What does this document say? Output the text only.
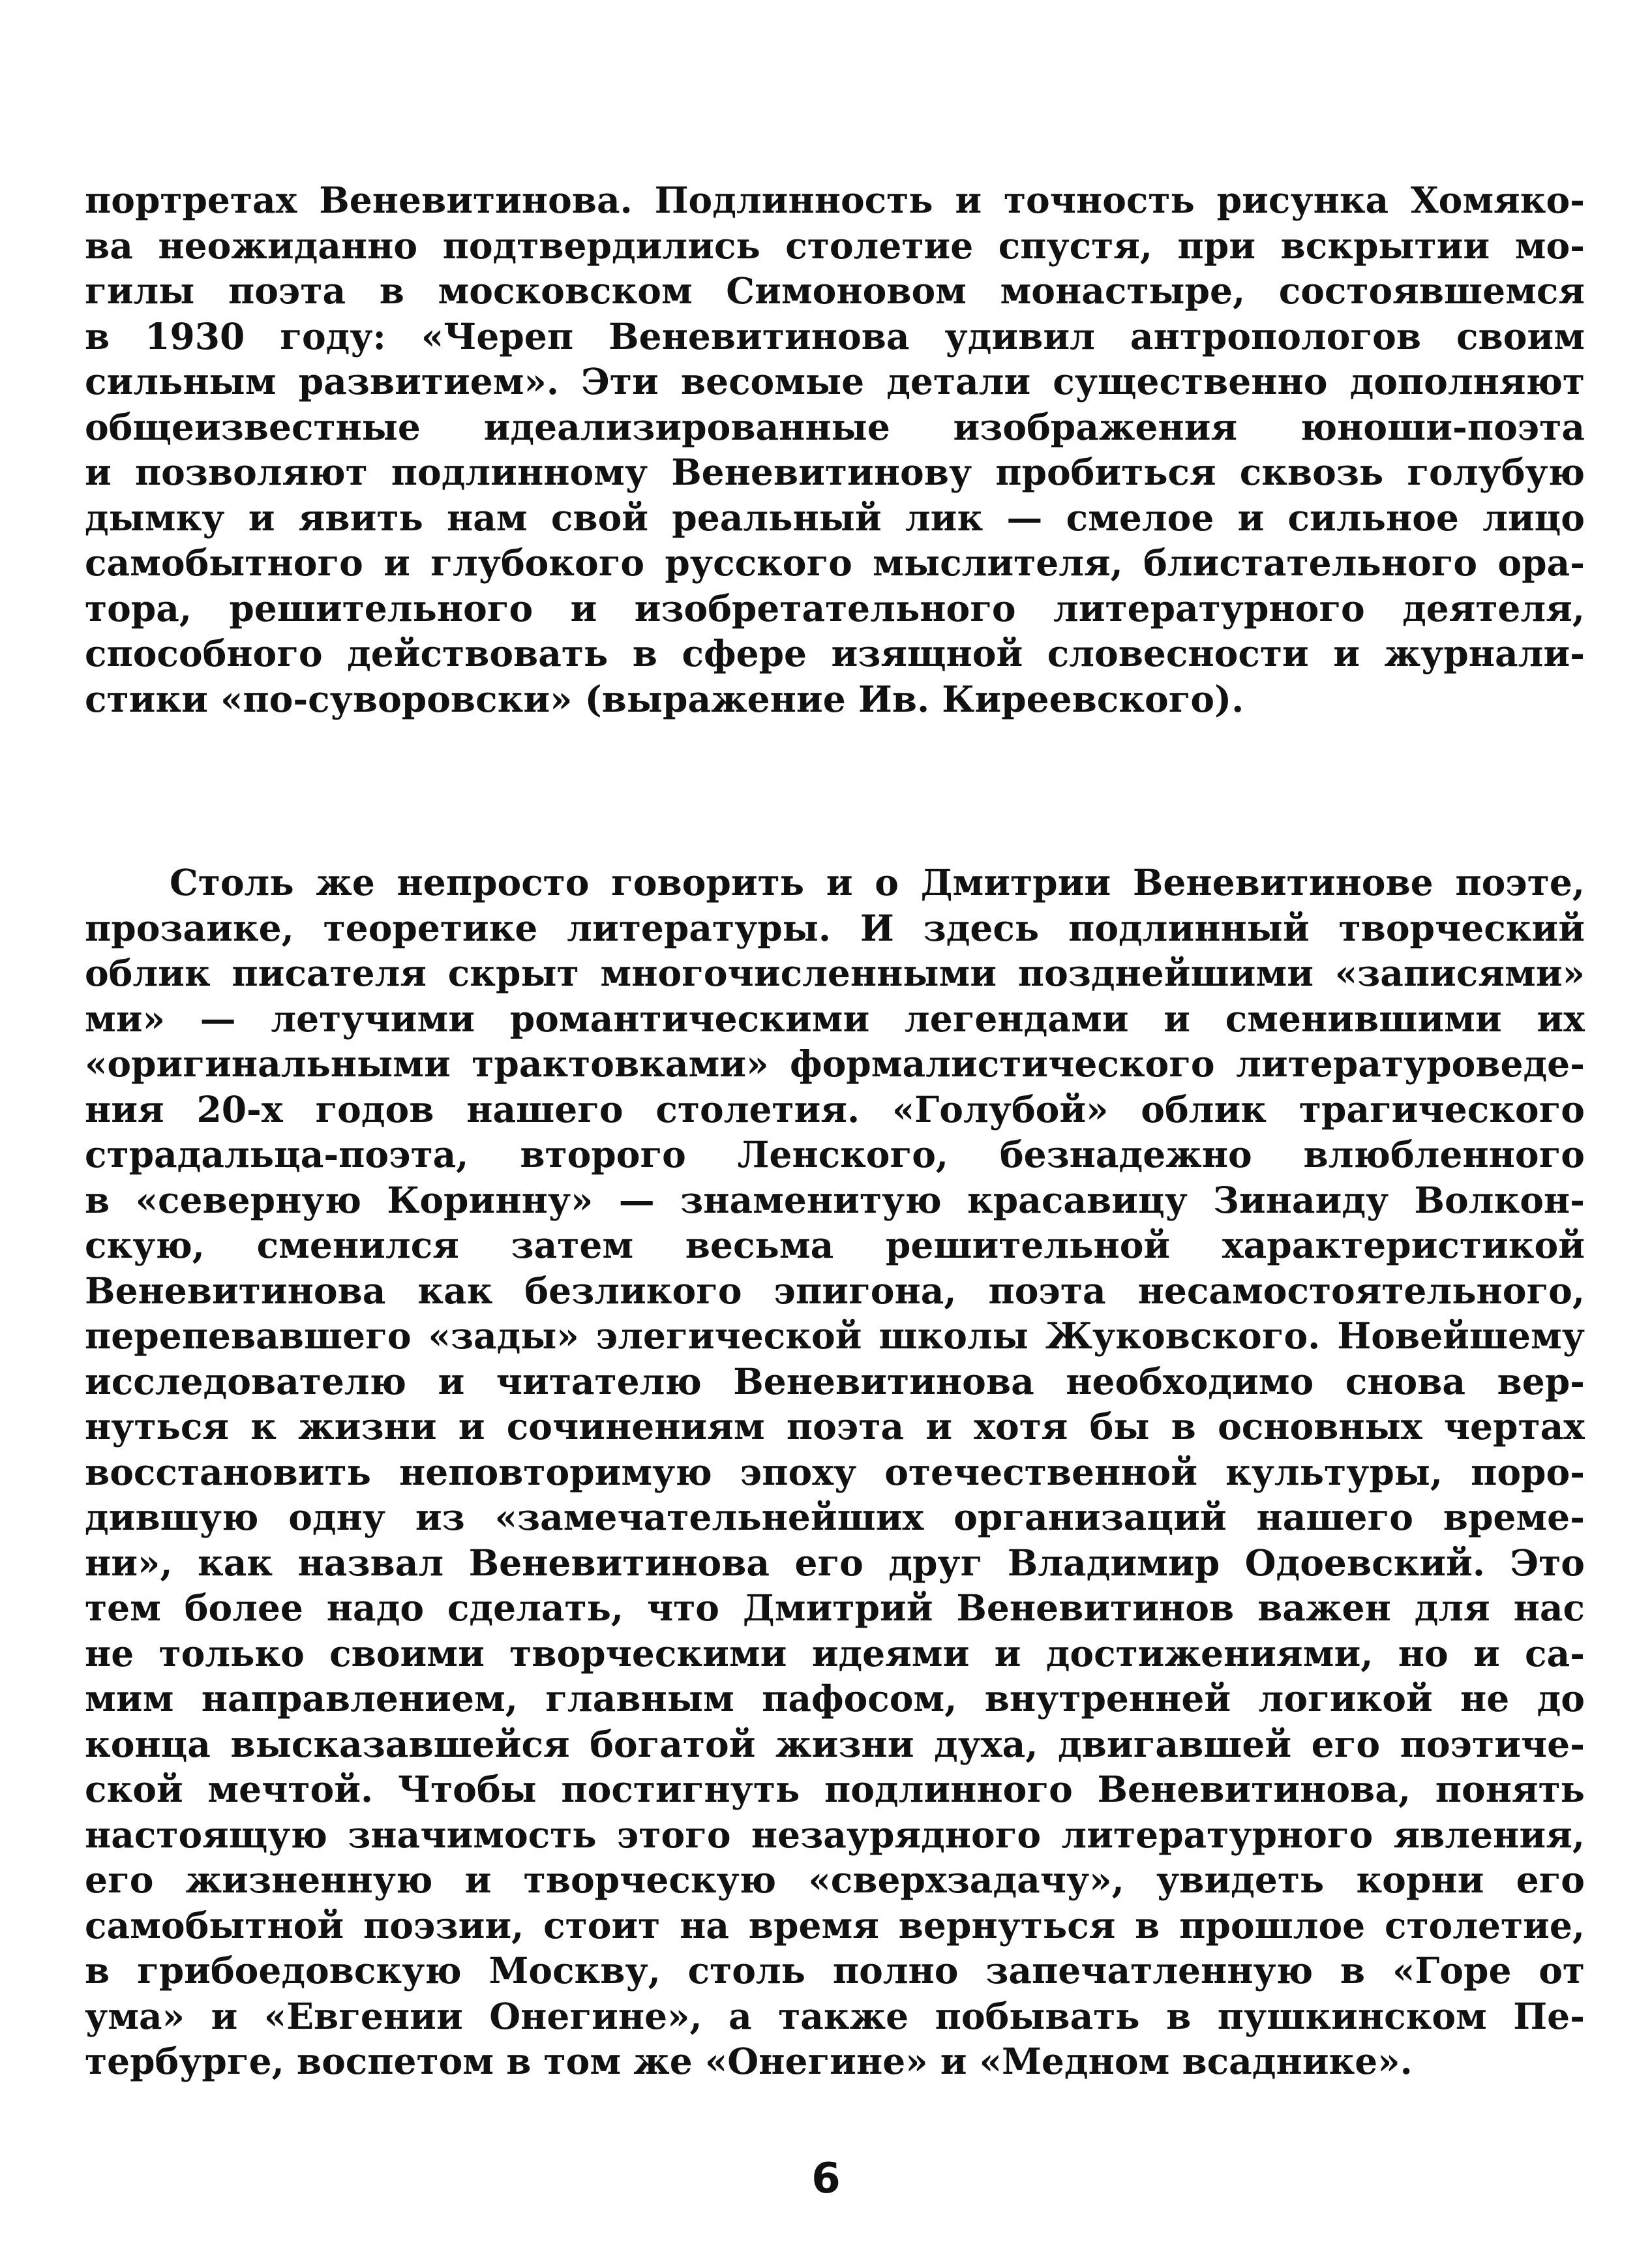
портретах Веневитинова. Подлинность и точность рисунка Хомяко-
ва неожиданно подтвердились столетие спустя, при вскрытии мо-
гилы поэта в московском Симоновом монастыре, состоявшемся
в 1930 году: «Череп Веневитинова удивил антропологов своим
сильным развитием». Эти весомые детали существенно дополняют
общеизвестные идеализированные изображения юноши-поэта
и позволяют подлинному Веневитинову пробиться сквозь голубую
дымку и явить нам свой реальный лик — смелое и сильное лицо
самобытного и глубокого русского мыслителя, блистательного ора-
тора, решительного и изобретательного литературного деятеля,
способного действовать в сфере изящной словесности и журнали-
стики «по-суворовски» (выражение Ив. Киреевского).
Столь же непросто говорить и о Дмитрии Веневитинове поэте,
прозаике, теоретике литературы. И здесь подлинный творческий
облик писателя скрыт многочисленными позднейшими «записями»
ми» — летучими романтическими легендами и сменившими их
«оригинальными трактовками» формалистического литературоведе-
ния 20-х годов нашего столетия. «Голубой» облик трагического
страдальца-поэта, второго Ленского, безнадежно влюбленного
в «северную Коринну» — знаменитую красавицу Зинаиду Волкон-
скую, сменился затем весьма решительной характеристикой
Веневитинова как безликого эпигона, поэта несамостоятельного,
перепевавшего «зады» элегической школы Жуковского. Новейшему
исследователю и читателю Веневитинова необходимо снова вер-
нуться к жизни и сочинениям поэта и хотя бы в основных чертах
восстановить неповторимую эпоху отечественной культуры, поро-
дившую одну из «замечательнейших организаций нашего време-
ни», как назвал Веневитинова его друг Владимир Одоевский. Это
тем более надо сделать, что Дмитрий Веневитинов важен для нас
не только своими творческими идеями и достижениями, но и са-
мим направлением, главным пафосом, внутренней логикой не до
конца высказавшейся богатой жизни духа, двигавшей его поэтиче-
ской мечтой. Чтобы постигнуть подлинного Веневитинова, понять
настоящую значимость этого незаурядного литературного явления,
его жизненную и творческую «сверхзадачу», увидеть корни его
самобытной поэзии, стоит на время вернуться в прошлое столетие,
в грибоедовскую Москву, столь полно запечатленную в «Горе от
ума» и «Евгении Онегине», а также побывать в пушкинском Пе-
тербурге, воспетом в том же «Онегине» и «Медном всаднике».
6
